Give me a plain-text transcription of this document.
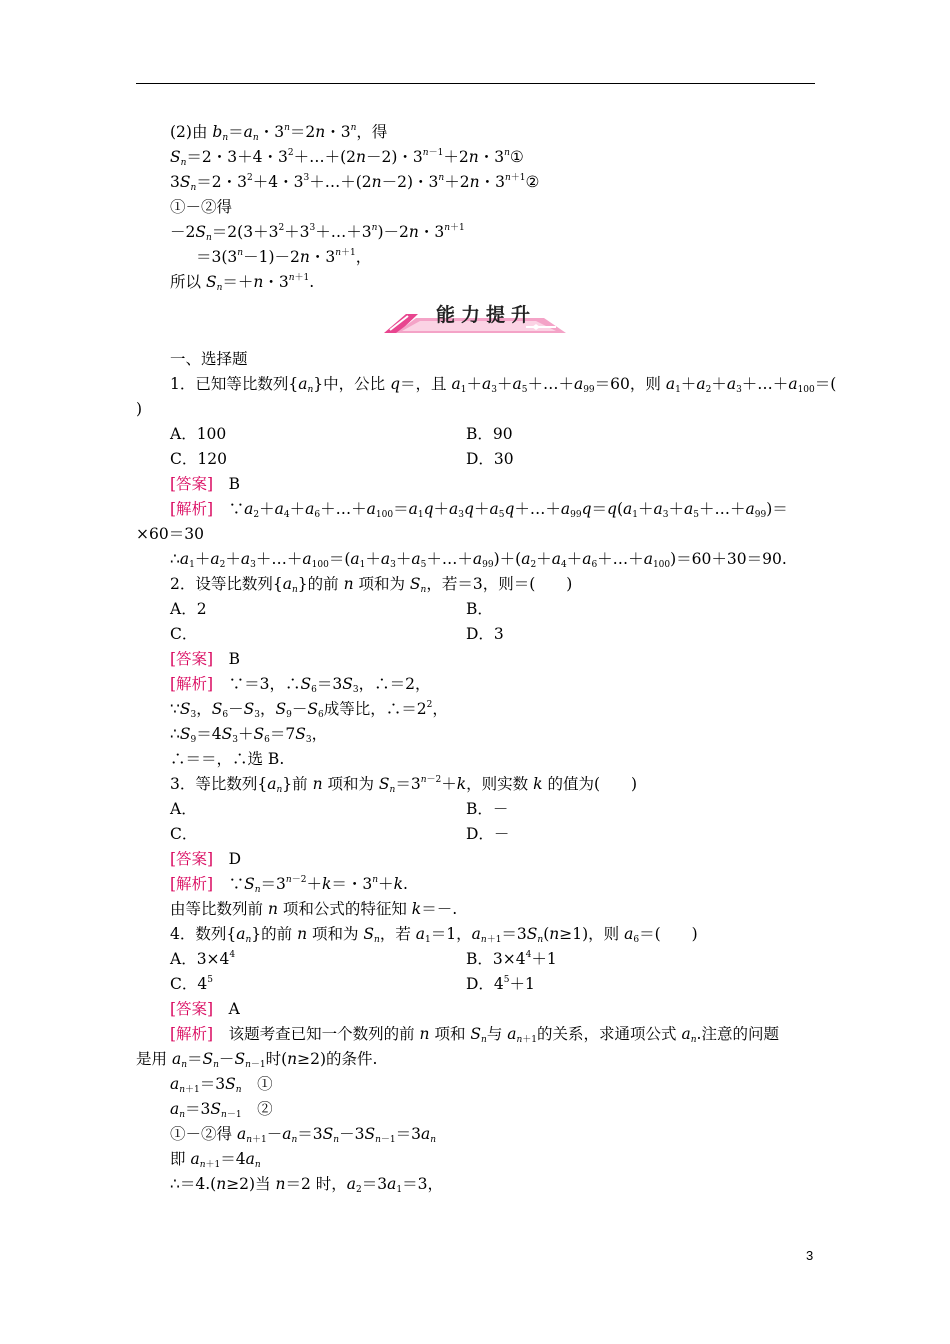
能力提升
(2)由 $b_n=a_n$・$3^n=2n$・3$^n$，得
$S_n=2$・3＋4・$3^2+\dots+(2n-2)$・$3^{n-1}+2n$・3$^n$①
$3S_n=2$・$3^2+4$・$3^3+\dots+(2n-2)$・$3^n+2n$・$3^{n+1}②$
①－②得
$-2S_n=2(3+3^2+3^3+\dots+3^n)-2n$・$3^{n+1}$
$=3(3^n-1)-2n$・$3^{n+1}$，
所以 $S_n=+n$・$3^{n+1}$.
一、选择题
1．已知等比数列$\{a_n\}$中，公比 q＝，且 $a_1+a_3+a_5+\dots+a_{99}=60$，则 $a_1+a_2+a_3+\dots+a_{100}=$(
)
A．100	B．90
C．120	D．30
[答案]　B
[解析]　$\because a_2+a_4+a_6+\dots+a_{100}=a_1q+a_3q+a_5q+\dots+a_{99}q=q(a_1+a_3+a_5+\dots+a_{99})=$
×60＝30
$\therefore a_1+a_2+a_3+\dots+a_{100}=(a_1+a_3+a_5+\dots+a_{99})+(a_2+a_4+a_6+\dots+a_{100})=60+30=90$.
2．设等比数列$\{a_n\}$的前 n 项和为 $S_n$，若＝3，则＝(　　)
A．2	B．
C．	D．3
[答案]　B
[解析]　∵＝3，$\therefore S_6=3S_3$，∴＝2，
$\because S_3$，$S_6-S_3$，$S_9-S_6$成等比，$\therefore=2^2$，
$\therefore S_9=4S_3+S_6=7S_3$，
∴＝＝，∴选 B.
3．等比数列$\{a_n\}$前 n 项和为 $S_n=3^{n-2}+k$，则实数 k 的值为(　　)
A．	B．－
C．	D．－
[答案]　D
[解析]　$\because S_n=3^{n-2}+k=$・$3^n+k$.
由等比数列前 n 项和公式的特征知 k＝－.
4．数列$\{a_n\}$的前 n 项和为 $S_n$，若 $a_1=1$，$a_{n+1}=3S_n(n\ge 1)$，则 $a_6=$(　　)
A．$3\times 4^4$	B．$3\times 4^4+1$
C．$4^5$	D．$4^5+1$
[答案]　A
[解析]　该题考查已知一个数列的前 n 项和 $S_n$与 $a_{n+1}$的关系，求通项公式 $a_n$.注意的问题
是用 $a_n=S_n-S_{n-1}$时(n≥2)的条件.
$a_{n+1}=3S_n$　①
$a_n=3S_{n-1}$　②
①－②得 $a_{n+1}-a_n=3S_n-3S_{n-1}=3a_n$
即 $a_{n+1}=4a_n$
∴＝4.(n≥2)当 n＝2 时，$a_2=3a_1=3$，
3
